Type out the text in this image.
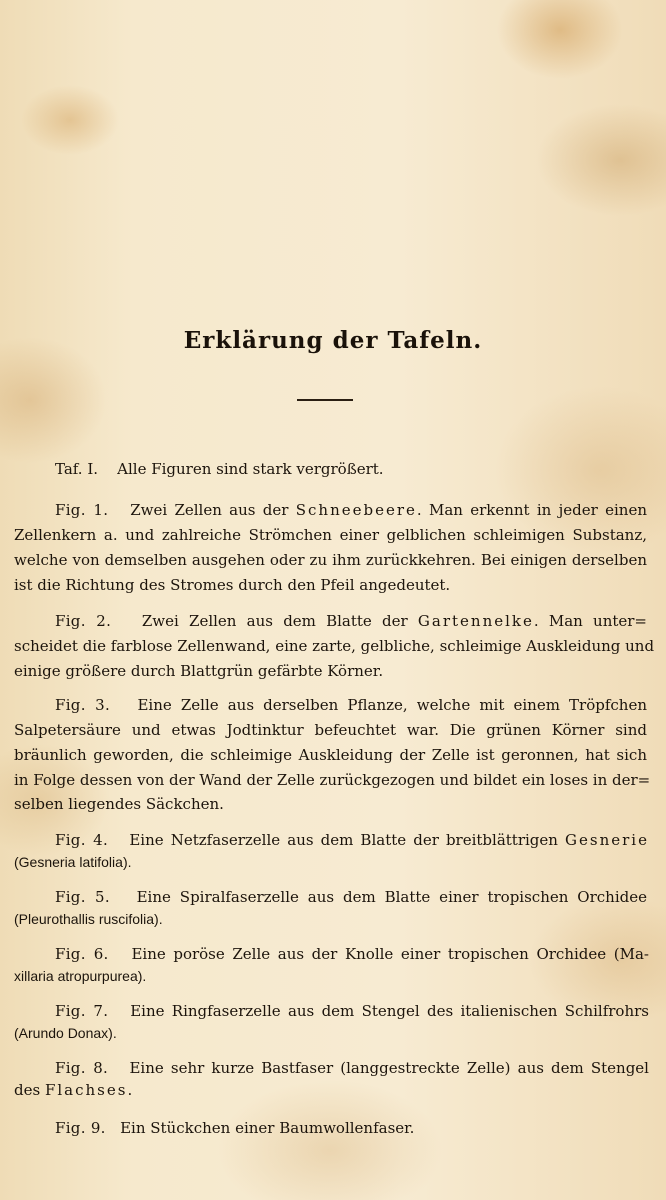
Erklärung der Tafeln.
Taf. I. Alle Figuren sind stark vergrößert.
Fig. 1. Zwei Zellen aus der Schneebeere. Man erkennt in jeder einen
Zellenkern a. und zahlreiche Strömchen einer gelblichen schleimigen Substanz,
welche von demselben ausgehen oder zu ihm zurückkehren. Bei einigen derselben
ist die Richtung des Stromes durch den Pfeil angedeutet.
Fig. 2. Zwei Zellen aus dem Blatte der Gartennelke. Man unter=
scheidet die farblose Zellenwand, eine zarte, gelbliche, schleimige Auskleidung und
einige größere durch Blattgrün gefärbte Körner.
Fig. 3. Eine Zelle aus derselben Pflanze, welche mit einem Tröpfchen
Salpetersäure und etwas Jodtinktur befeuchtet war. Die grünen Körner sind
bräunlich geworden, die schleimige Auskleidung der Zelle ist geronnen, hat sich
in Folge dessen von der Wand der Zelle zurückgezogen und bildet ein loses in der=
selben liegendes Säckchen.
Fig. 4. Eine Netzfaserzelle aus dem Blatte der breitblättrigen Gesnerie
(Gesneria latifolia).
Fig. 5. Eine Spiralfaserzelle aus dem Blatte einer tropischen Orchidee
(Pleurothallis ruscifolia).
Fig. 6. Eine poröse Zelle aus der Knolle einer tropischen Orchidee (Ma-
xillaria atropurpurea).
Fig. 7. Eine Ringfaserzelle aus dem Stengel des italienischen Schilfrohrs
(Arundo Donax).
Fig. 8. Eine sehr kurze Bastfaser (langgestreckte Zelle) aus dem Stengel
des Flachses.
Fig. 9. Ein Stückchen einer Baumwollenfaser.
